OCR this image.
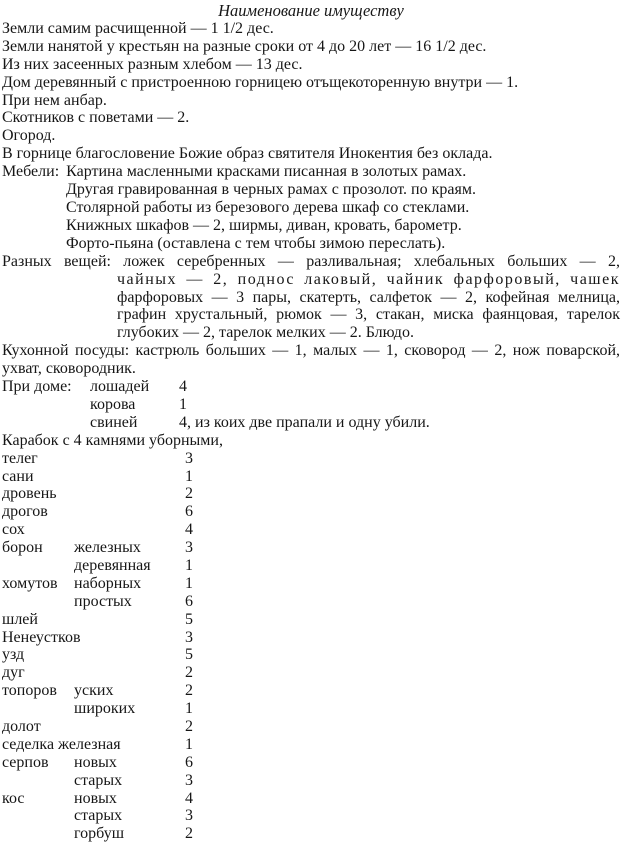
Наименование имуществу
Земли самим расчищенной — 1 1/2 дес.
Земли нанятой у крестьян на разные сроки от 4 до 20 лет — 16 1/2 дес.
Из них засеенных разным хлебом — 13 дес.
Дом деревянный с пристроенною горницею отъщекоторенную внутри — 1.
При нем анбар.
Скотников с поветами — 2.
Огород.
В горнице благословение Божие образ святителя Инокентия без оклада.
Мебели: Картина масленными красками писанная в золотых рамах.
Другая гравированная в черных рамах с прозолот. по краям.
Столярной работы из березового дерева шкаф со стеклами.
Книжных шкафов — 2, ширмы, диван, кровать, барометр.
Форто-пьяна (оставлена с тем чтобы зимою переслать).
Разных вещей: ложек серебренных — разливальная; хлебальных больших — 2,
чайных — 2, поднос лаковый, чайник фарфоровый, чашек
фарфоровых — 3 пары, скатерть, салфеток — 2, кофейная мелница,
графин хрустальный, рюмок — 3, стакан, миска фаянцовая, тарелок
глубоких — 2, тарелок мелких — 2. Блюдо.
Кухонной посуды: кастрюль больших — 1, малых — 1, сковород — 2, нож поварской,
ухват, сковородник.
При доме: лошадей 4
корова	1
свиней	4, из коих две прапали и одну убили.
Карабок с 4 камнями уборными,
телег	3
сани	1
дровень	2
дрогов	6
сох	4
борон железных	3
деревянная 1
хомутов наборных	1
простых	6
шлей	5
Ненеустков	3
узд	5
дуг	2
топоров уских	2
широких	1
долот	2
седелка железная	1
серпов новых	6
старых	3
кос	новых	4
старых	3
горбуш	2
